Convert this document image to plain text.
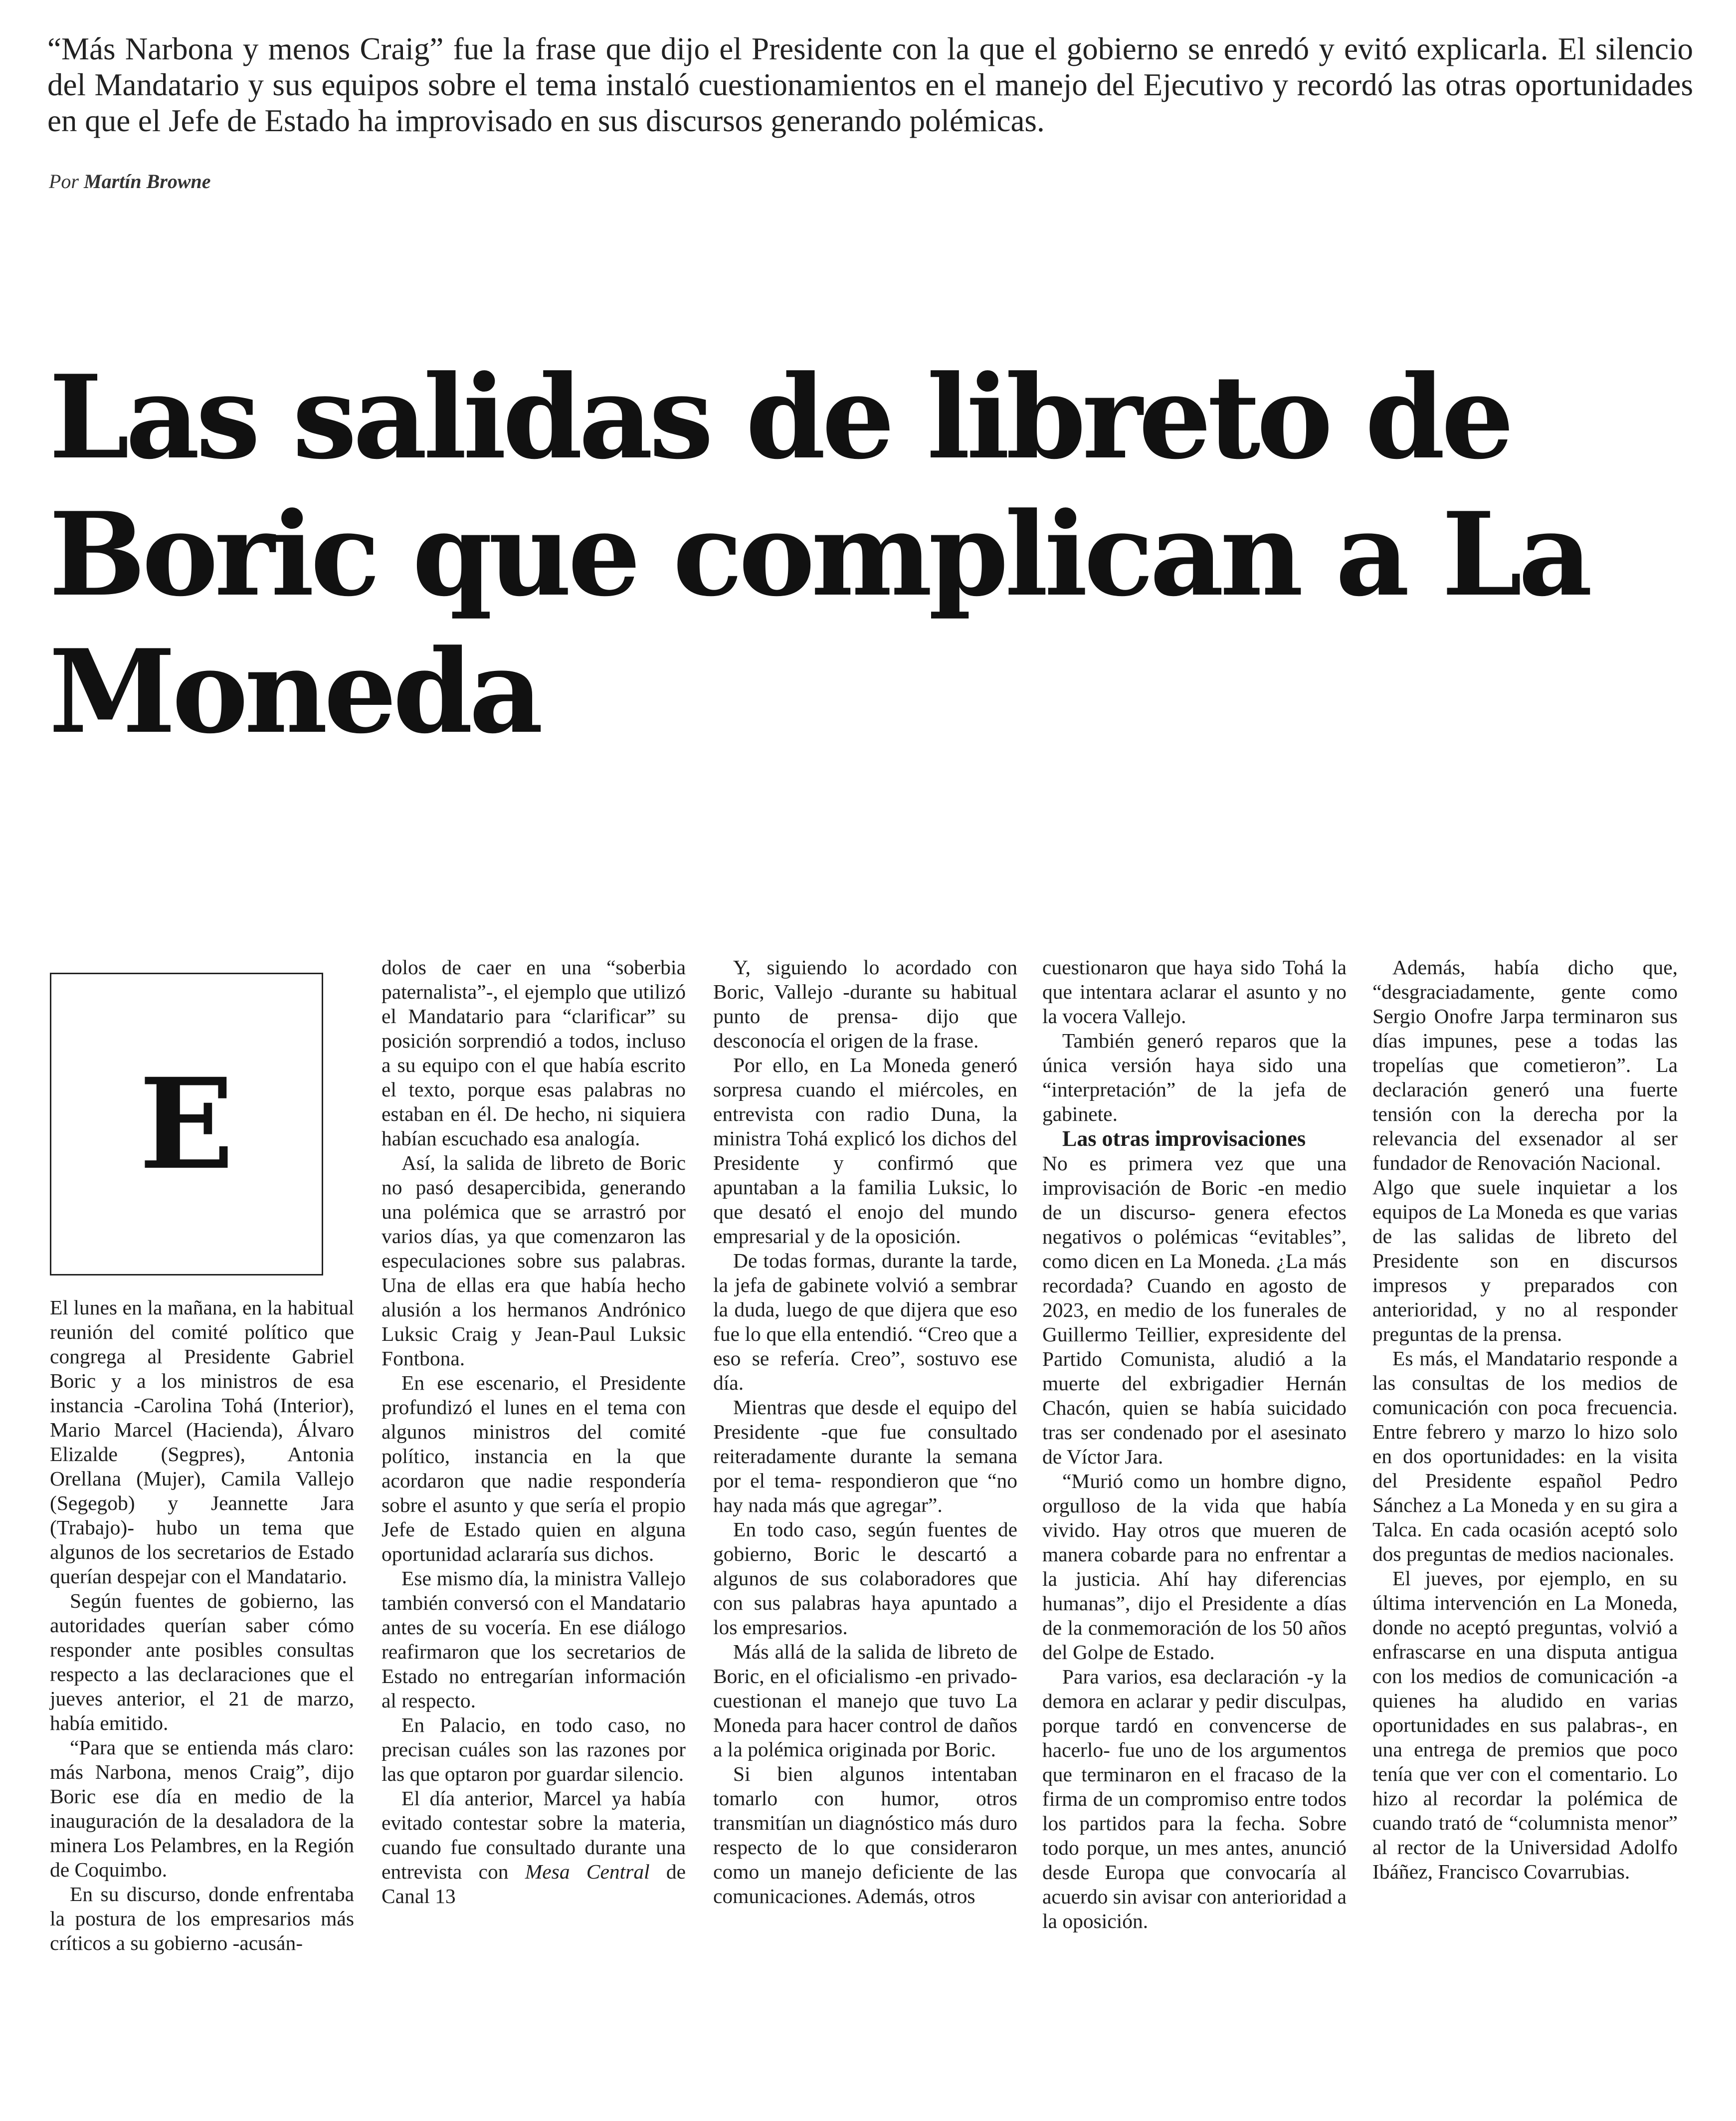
“Más Narbona y menos Craig” fue la frase que dijo el Presidente con la que el gobierno se enredó y evitó explicarla. El silencio del Mandatario y sus equipos sobre el tema instaló cuestionamientos en el manejo del Ejecutivo y recordó las otras oportunidades en que el Jefe de Estado ha improvisado en sus discursos generando polémicas.

Por Martín Browne
Las salidas de libreto de Boric que complican a La Moneda
E

El lunes en la mañana, en la habitual reunión del comité político que congrega al Presidente Gabriel Boric y a los ministros de esa instancia -Carolina Tohá (Interior), Mario Marcel (Hacienda), Álvaro Elizalde (Segpres), Antonia Orellana (Mujer), Camila Vallejo (Segegob) y Jeannette Jara (Trabajo)- hubo un tema que algunos de los secretarios de Estado querían despejar con el Mandatario.

Según fuentes de gobierno, las autoridades querían saber cómo responder ante posibles consultas respecto a las declaraciones que el jueves anterior, el 21 de marzo, había emitido.

“Para que se entienda más claro: más Narbona, menos Craig”, dijo Boric ese día en medio de la inauguración de la desaladora de la minera Los Pelambres, en la Región de Coquimbo.

En su discurso, donde enfrentaba la postura de los empresarios más críticos a su gobierno -acusán-

dolos de caer en una “soberbia paternalista”-, el ejemplo que utilizó el Mandatario para “clarificar” su posición sorprendió a todos, incluso a su equipo con el que había escrito el texto, porque esas palabras no estaban en él. De hecho, ni siquiera habían escuchado esa analogía.

Así, la salida de libreto de Boric no pasó desapercibida, generando una polémica que se arrastró por varios días, ya que comenzaron las especulaciones sobre sus palabras. Una de ellas era que había hecho alusión a los hermanos Andrónico Luksic Craig y Jean-Paul Luksic Fontbona.

En ese escenario, el Presidente profundizó el lunes en el tema con algunos ministros del comité político, instancia en la que acordaron que nadie respondería sobre el asunto y que sería el propio Jefe de Estado quien en alguna oportunidad aclararía sus dichos.

Ese mismo día, la ministra Vallejo también conversó con el Mandatario antes de su vocería. En ese diálogo reafirmaron que los secretarios de Estado no entregarían información al respecto.

En Palacio, en todo caso, no precisan cuáles son las razones por las que optaron por guardar silencio.

El día anterior, Marcel ya había evitado contestar sobre la materia, cuando fue consultado durante una entrevista con Mesa Central de Canal 13

Y, siguiendo lo acordado con Boric, Vallejo -durante su habitual punto de prensa- dijo que desconocía el origen de la frase.

Por ello, en La Moneda generó sorpresa cuando el miércoles, en entrevista con radio Duna, la ministra Tohá explicó los dichos del Presidente y confirmó que apuntaban a la familia Luksic, lo que desató el enojo del mundo empresarial y de la oposición.

De todas formas, durante la tarde, la jefa de gabinete volvió a sembrar la duda, luego de que dijera que eso fue lo que ella entendió. “Creo que a eso se refería. Creo”, sostuvo ese día.

Mientras que desde el equipo del Presidente -que fue consultado reiteradamente durante la semana por el tema- respondieron que “no hay nada más que agregar”.

En todo caso, según fuentes de gobierno, Boric le descartó a algunos de sus colaboradores que con sus palabras haya apuntado a los empresarios.

Más allá de la salida de libreto de Boric, en el oficialismo -en privado- cuestionan el manejo que tuvo La Moneda para hacer control de daños a la polémica originada por Boric.

Si bien algunos intentaban tomarlo con humor, otros transmitían un diagnóstico más duro respecto de lo que consideraron como un manejo deficiente de las comunicaciones. Además, otros

cuestionaron que haya sido Tohá la que intentara aclarar el asunto y no la vocera Vallejo.

También generó reparos que la única versión haya sido una “interpretación” de la jefa de gabinete.

Las otras improvisaciones

No es primera vez que una improvisación de Boric -en medio de un discurso- genera efectos negativos o polémicas “evitables”, como dicen en La Moneda. ¿La más recordada? Cuando en agosto de 2023, en medio de los funerales de Guillermo Teillier, expresidente del Partido Comunista, aludió a la muerte del exbrigadier Hernán Chacón, quien se había suicidado tras ser condenado por el asesinato de Víctor Jara.

“Murió como un hombre digno, orgulloso de la vida que había vivido. Hay otros que mueren de manera cobarde para no enfrentar a la justicia. Ahí hay diferencias humanas”, dijo el Presidente a días de la conmemoración de los 50 años del Golpe de Estado.

Para varios, esa declaración -y la demora en aclarar y pedir disculpas, porque tardó en convencerse de hacerlo- fue uno de los argumentos que terminaron en el fracaso de la firma de un compromiso entre todos los partidos para la fecha. Sobre todo porque, un mes antes, anunció desde Europa que convocaría al acuerdo sin avisar con anterioridad a la oposición.

Además, había dicho que, “desgraciadamente, gente como Sergio Onofre Jarpa terminaron sus días impunes, pese a todas las tropelías que cometieron”. La declaración generó una fuerte tensión con la derecha por la relevancia del exsenador al ser fundador de Renovación Nacional.

Algo que suele inquietar a los equipos de La Moneda es que varias de las salidas de libreto del Presidente son en discursos impresos y preparados con anterioridad, y no al responder preguntas de la prensa.

Es más, el Mandatario responde a las consultas de los medios de comunicación con poca frecuencia. Entre febrero y marzo lo hizo solo en dos oportunidades: en la visita del Presidente español Pedro Sánchez a La Moneda y en su gira a Talca. En cada ocasión aceptó solo dos preguntas de medios nacionales.

El jueves, por ejemplo, en su última intervención en La Moneda, donde no aceptó preguntas, volvió a enfrascarse en una disputa antigua con los medios de comunicación -a quienes ha aludido en varias oportunidades en sus palabras-, en una entrega de premios que poco tenía que ver con el comentario. Lo hizo al recordar la polémica de cuando trató de “columnista menor” al rector de la Universidad Adolfo Ibáñez, Francisco Covarrubias.
